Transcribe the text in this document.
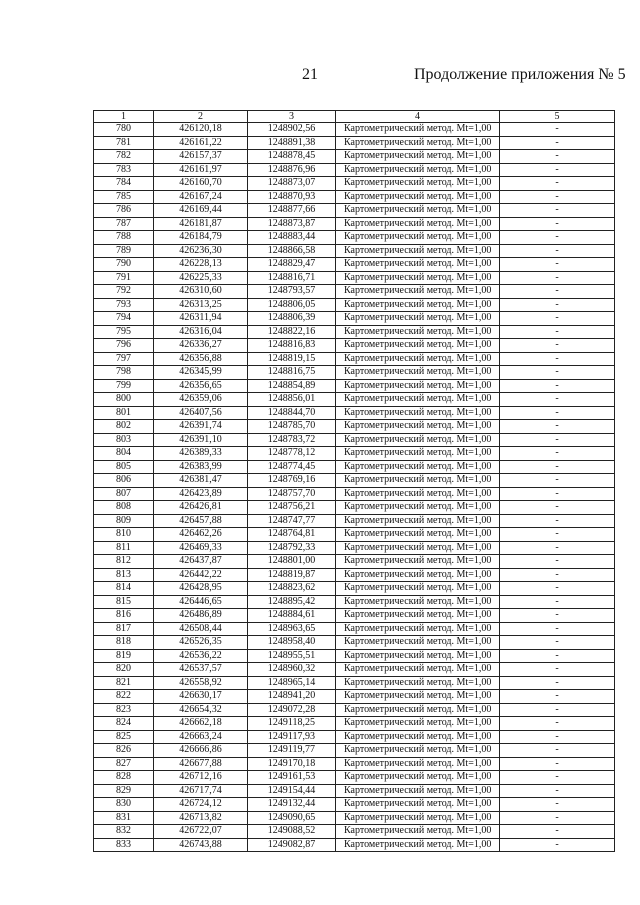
21	Продолжение приложения № 5
1	2	3	4	5
780	426120,18	1248902,56	Картометрический метод. Mt=1,00	-
781	426161,22	1248891,38	Картометрический метод. Mt=1,00	-
782	426157,37	1248878,45	Картометрический метод. Mt=1,00	-
783	426161,97	1248876,96	Картометрический метод. Mt=1,00	-
784	426160,70	1248873,07	Картометрический метод. Mt=1,00	-
785	426167,24	1248870,93	Картометрический метод. Mt=1,00	-
786	426169,44	1248877,66	Картометрический метод. Mt=1,00	-
787	426181,87	1248873,87	Картометрический метод. Mt=1,00	-
788	426184,79	1248883,44	Картометрический метод. Mt=1,00	-
789	426236,30	1248866,58	Картометрический метод. Mt=1,00	-
790	426228,13	1248829,47	Картометрический метод. Mt=1,00	-
791	426225,33	1248816,71	Картометрический метод. Mt=1,00	-
792	426310,60	1248793,57	Картометрический метод. Mt=1,00	-
793	426313,25	1248806,05	Картометрический метод. Mt=1,00	-
794	426311,94	1248806,39	Картометрический метод. Mt=1,00	-
795	426316,04	1248822,16	Картометрический метод. Mt=1,00	-
796	426336,27	1248816,83	Картометрический метод. Mt=1,00	-
797	426356,88	1248819,15	Картометрический метод. Mt=1,00	-
798	426345,99	1248816,75	Картометрический метод. Mt=1,00	-
799	426356,65	1248854,89	Картометрический метод. Mt=1,00	-
800	426359,06	1248856,01	Картометрический метод. Mt=1,00	-
801	426407,56	1248844,70	Картометрический метод. Mt=1,00	-
802	426391,74	1248785,70	Картометрический метод. Mt=1,00	-
803	426391,10	1248783,72	Картометрический метод. Mt=1,00	-
804	426389,33	1248778,12	Картометрический метод. Mt=1,00	-
805	426383,99	1248774,45	Картометрический метод. Mt=1,00	-
806	426381,47	1248769,16	Картометрический метод. Mt=1,00	-
807	426423,89	1248757,70	Картометрический метод. Mt=1,00	-
808	426426,81	1248756,21	Картометрический метод. Mt=1,00	-
809	426457,88	1248747,77	Картометрический метод. Mt=1,00	-
810	426462,26	1248764,81	Картометрический метод. Mt=1,00	-
811	426469,33	1248792,33	Картометрический метод. Mt=1,00	-
812	426437,87	1248801,00	Картометрический метод. Mt=1,00	-
813	426442,22	1248819,87	Картометрический метод. Mt=1,00	-
814	426428,95	1248823,62	Картометрический метод. Mt=1,00	-
815	426446,65	1248895,42	Картометрический метод. Mt=1,00	-
816	426486,89	1248884,61	Картометрический метод. Mt=1,00	-
817	426508,44	1248963,65	Картометрический метод. Mt=1,00	-
818	426526,35	1248958,40	Картометрический метод. Mt=1,00	-
819	426536,22	1248955,51	Картометрический метод. Mt=1,00	-
820	426537,57	1248960,32	Картометрический метод. Mt=1,00	-
821	426558,92	1248965,14	Картометрический метод. Mt=1,00	-
822	426630,17	1248941,20	Картометрический метод. Mt=1,00	-
823	426654,32	1249072,28	Картометрический метод. Mt=1,00	-
824	426662,18	1249118,25	Картометрический метод. Mt=1,00	-
825	426663,24	1249117,93	Картометрический метод. Mt=1,00	-
826	426666,86	1249119,77	Картометрический метод. Mt=1,00	-
827	426677,88	1249170,18	Картометрический метод. Mt=1,00	-
828	426712,16	1249161,53	Картометрический метод. Mt=1,00	-
829	426717,74	1249154,44	Картометрический метод. Mt=1,00	-
830	426724,12	1249132,44	Картометрический метод. Mt=1,00	-
831	426713,82	1249090,65	Картометрический метод. Mt=1,00	-
832	426722,07	1249088,52	Картометрический метод. Mt=1,00	-
833	426743,88	1249082,87	Картометрический метод. Mt=1,00	-
